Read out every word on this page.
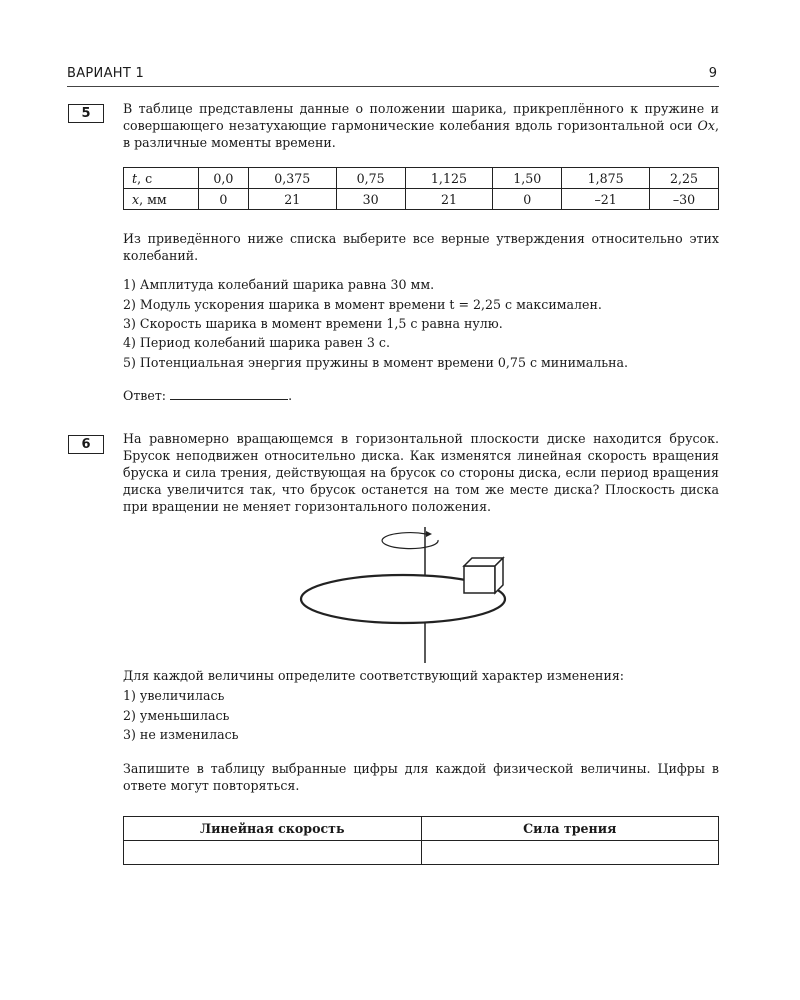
ВАРИАНТ 1	9
5	В таблице представлены данные о положении шарика, прикреплённого к пружине и совершающего незатухающие гармонические колебания вдоль горизонтальной оси Ox, в различные моменты времени.
t, с	0,0	0,375	0,75	1,125	1,50	1,875	2,25
x, мм	0	21	30	21	0	–21	–30
Из приведённого ниже списка выберите все верные утверждения относительно этих колебаний.
1) Амплитуда колебаний шарика равна 30 мм.
2) Модуль ускорения шарика в момент времени t = 2,25 с максимален.
3) Скорость шарика в момент времени 1,5 с равна нулю.
4) Период колебаний шарика равен 3 с.
5) Потенциальная энергия пружины в момент времени 0,75 с минимальна.
Ответ:	.
6	На равномерно вращающемся в горизонтальной плоскости диске находится брусок. Брусок неподвижен относительно диска. Как изменятся линейная скорость вращения бруска и сила трения, действующая на брусок со стороны диска, если период вращения диска увеличится так, что брусок останется на том же месте диска? Плоскость диска при вращении не меняет горизонтального положения.
Для каждой величины определите соответствующий характер изменения:
1) увеличилась
2) уменьшилась
3) не изменилась
Запишите в таблицу выбранные цифры для каждой физической величины. Цифры в ответе могут повторяться.
Линейная скорость	Сила трения
